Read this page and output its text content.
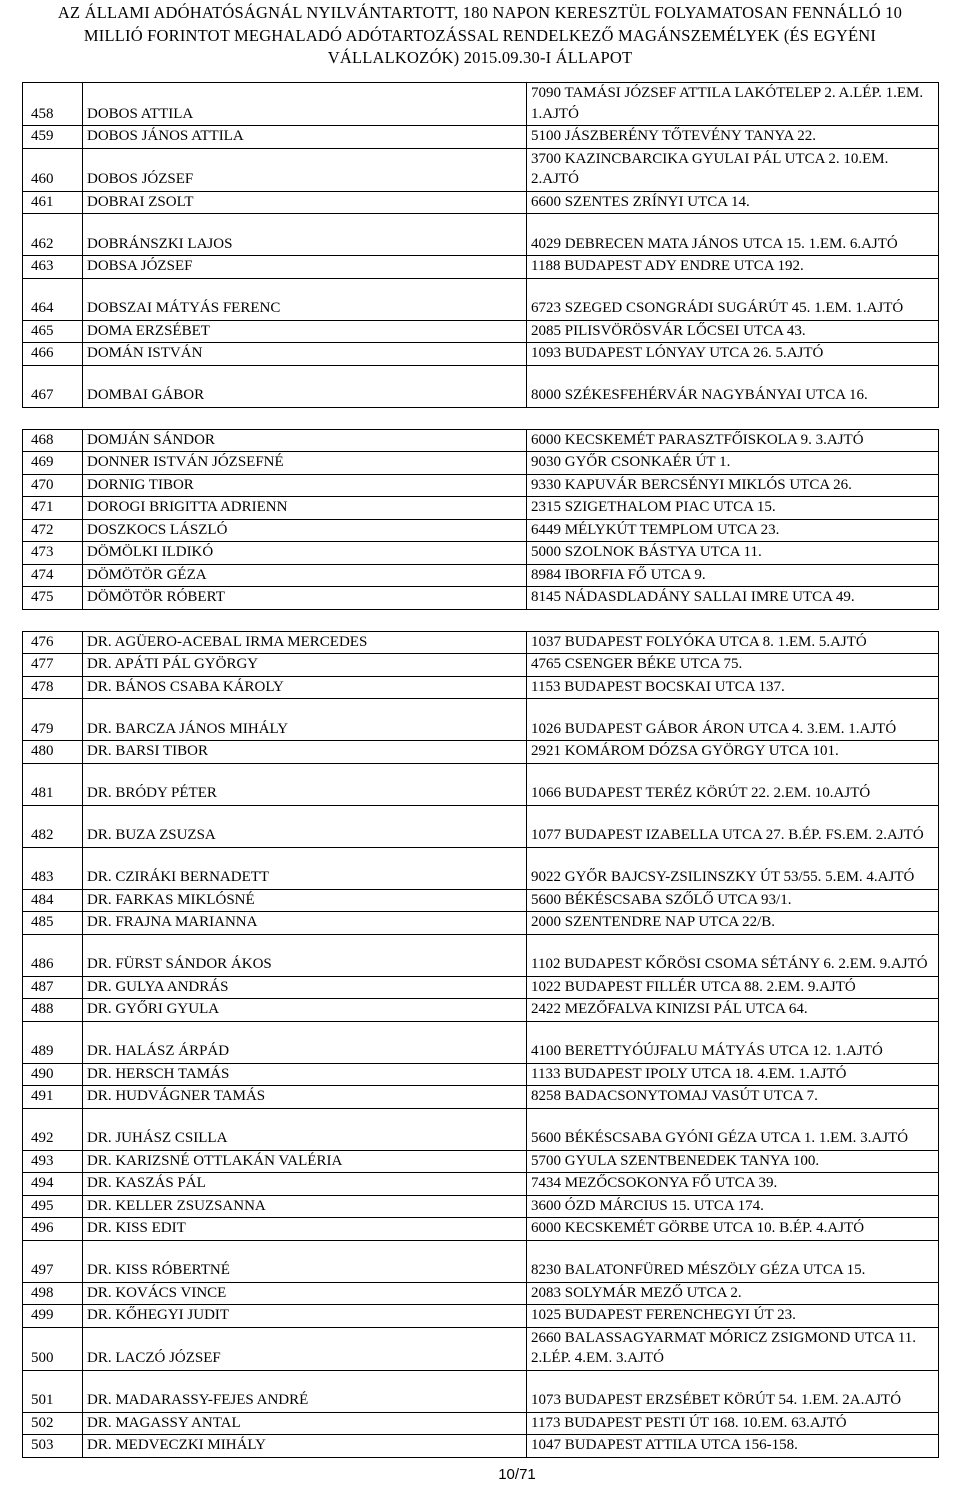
AZ ÁLLAMI ADÓHATÓSÁGNÁL NYILVÁNTARTOTT, 180 NAPON KERESZTÜL FOLYAMATOSAN FENNÁLLÓ 10
MILLIÓ FORINTOT MEGHALADÓ ADÓTARTOZÁSSAL RENDELKEZŐ MAGÁNSZEMÉLYEK (ÉS EGYÉNI
VÁLLALKOZÓK) 2015.09.30-I ÁLLAPOT
458	DOBOS ATTILA	7090 TAMÁSI JÓZSEF ATTILA LAKÓTELEP 2. A.LÉP. 1.EM. 1.AJTÓ
459	DOBOS JÁNOS ATTILA	5100 JÁSZBERÉNY TŐTEVÉNY TANYA 22.
460	DOBOS JÓZSEF	3700 KAZINCBARCIKA GYULAI PÁL UTCA 2. 10.EM. 2.AJTÓ
461	DOBRAI ZSOLT	6600 SZENTES ZRÍNYI UTCA 14.
462	DOBRÁNSZKI LAJOS	4029 DEBRECEN MATA JÁNOS UTCA 15. 1.EM. 6.AJTÓ
463	DOBSA JÓZSEF	1188 BUDAPEST ADY ENDRE UTCA 192.
464	DOBSZAI MÁTYÁS FERENC	6723 SZEGED CSONGRÁDI SUGÁRÚT 45. 1.EM. 1.AJTÓ
465	DOMA ERZSÉBET	2085 PILISVÖRÖSVÁR LŐCSEI UTCA 43.
466	DOMÁN ISTVÁN	1093 BUDAPEST LÓNYAY UTCA 26. 5.AJTÓ
467	DOMBAI GÁBOR	8000 SZÉKESFEHÉRVÁR NAGYBÁNYAI UTCA 16.

468	DOMJÁN SÁNDOR	6000 KECSKEMÉT PARASZTFŐISKOLA 9. 3.AJTÓ
469	DONNER ISTVÁN JÓZSEFNÉ	9030 GYŐR CSONKAÉR ÚT 1.
470	DORNIG TIBOR	9330 KAPUVÁR BERCSÉNYI MIKLÓS UTCA 26.
471	DOROGI BRIGITTA ADRIENN	2315 SZIGETHALOM PIAC UTCA 15.
472	DOSZKOCS LÁSZLÓ	6449 MÉLYKÚT TEMPLOM UTCA 23.
473	DÖMÖLKI ILDIKÓ	5000 SZOLNOK BÁSTYA UTCA 11.
474	DÖMÖTÖR GÉZA	8984 IBORFIA FŐ UTCA 9.
475	DÖMÖTÖR RÓBERT	8145 NÁDASDLADÁNY SALLAI IMRE UTCA 49.

476	DR. AGÜERO-ACEBAL IRMA MERCEDES	1037 BUDAPEST FOLYÓKA UTCA 8. 1.EM. 5.AJTÓ
477	DR. APÁTI PÁL GYÖRGY	4765 CSENGER BÉKE UTCA 75.
478	DR. BÁNOS CSABA KÁROLY	1153 BUDAPEST BOCSKAI UTCA 137.
479	DR. BARCZA JÁNOS MIHÁLY	1026 BUDAPEST GÁBOR ÁRON UTCA 4. 3.EM. 1.AJTÓ
480	DR. BARSI TIBOR	2921 KOMÁROM DÓZSA GYÖRGY UTCA 101.
481	DR. BRÓDY PÉTER	1066 BUDAPEST TERÉZ KÖRÚT 22. 2.EM. 10.AJTÓ
482	DR. BUZA ZSUZSA	1077 BUDAPEST IZABELLA UTCA 27. B.ÉP. FS.EM. 2.AJTÓ
483	DR. CZIRÁKI BERNADETT	9022 GYŐR BAJCSY-ZSILINSZKY ÚT 53/55. 5.EM. 4.AJTÓ
484	DR. FARKAS MIKLÓSNÉ	5600 BÉKÉSCSABA SZŐLŐ UTCA 93/1.
485	DR. FRAJNA MARIANNA	2000 SZENTENDRE NAP UTCA 22/B.
486	DR. FÜRST SÁNDOR ÁKOS	1102 BUDAPEST KŐRÖSI CSOMA SÉTÁNY 6. 2.EM. 9.AJTÓ
487	DR. GULYA ANDRÁS	1022 BUDAPEST FILLÉR UTCA 88. 2.EM. 9.AJTÓ
488	DR. GYŐRI GYULA	2422 MEZŐFALVA KINIZSI PÁL UTCA 64.
489	DR. HALÁSZ ÁRPÁD	4100 BERETTYÓÚJFALU MÁTYÁS UTCA 12. 1.AJTÓ
490	DR. HERSCH TAMÁS	1133 BUDAPEST IPOLY UTCA 18. 4.EM. 1.AJTÓ
491	DR. HUDVÁGNER TAMÁS	8258 BADACSONYTOMAJ VASÚT UTCA 7.
492	DR. JUHÁSZ CSILLA	5600 BÉKÉSCSABA GYÓNI GÉZA UTCA 1. 1.EM. 3.AJTÓ
493	DR. KARIZSNÉ OTTLAKÁN VALÉRIA	5700 GYULA SZENTBENEDEK TANYA 100.
494	DR. KASZÁS PÁL	7434 MEZŐCSOKONYA FŐ UTCA 39.
495	DR. KELLER ZSUZSANNA	3600 ÓZD MÁRCIUS 15. UTCA 174.
496	DR. KISS EDIT	6000 KECSKEMÉT GÖRBE UTCA 10. B.ÉP. 4.AJTÓ
497	DR. KISS RÓBERTNÉ	8230 BALATONFÜRED MÉSZÖLY GÉZA UTCA 15.
498	DR. KOVÁCS VINCE	2083 SOLYMÁR MEZŐ UTCA 2.
499	DR. KŐHEGYI JUDIT	1025 BUDAPEST FERENCHEGYI ÚT 23.
500	DR. LACZÓ JÓZSEF	2660 BALASSAGYARMAT MÓRICZ ZSIGMOND UTCA 11. 2.LÉP. 4.EM. 3.AJTÓ
501	DR. MADARASSY-FEJES ANDRÉ	1073 BUDAPEST ERZSÉBET KÖRÚT 54. 1.EM. 2A.AJTÓ
502	DR. MAGASSY ANTAL	1173 BUDAPEST PESTI ÚT 168. 10.EM. 63.AJTÓ
503	DR. MEDVECZKI MIHÁLY	1047 BUDAPEST ATTILA UTCA 156-158.
10/71
